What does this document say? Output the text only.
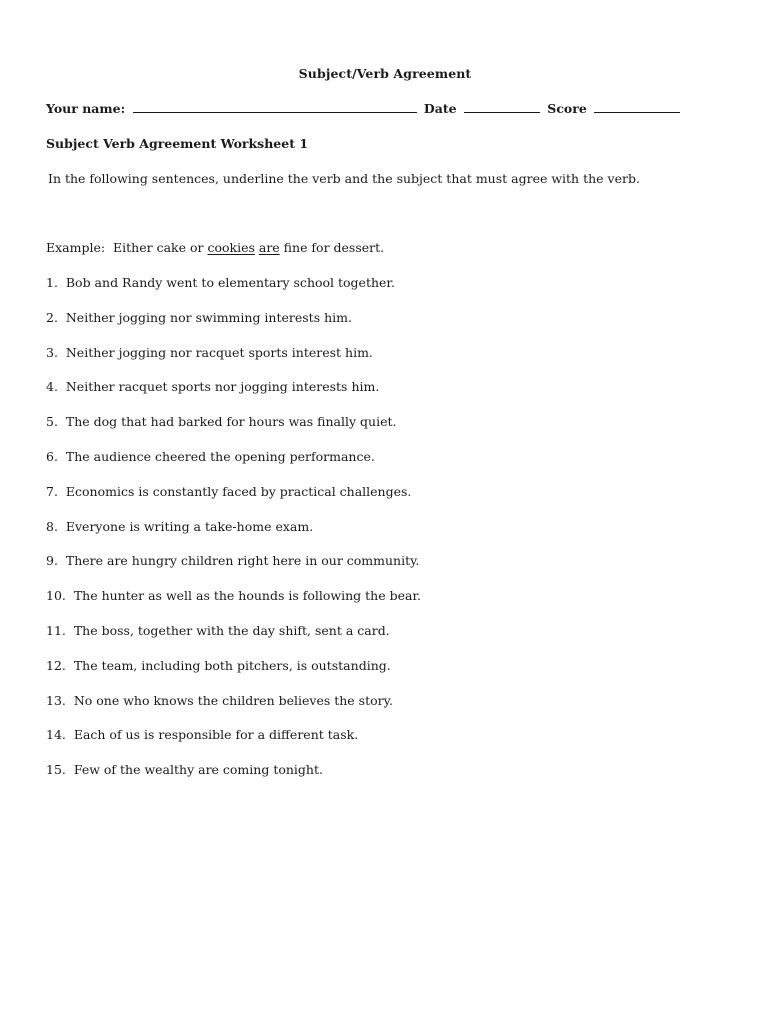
Subject/Verb Agreement
Your name:	Date	Score
Subject Verb Agreement Worksheet 1
In the following sentences, underline the verb and the subject that must agree with the verb.
Example:  Either cake or cookies are fine for dessert.
1.  Bob and Randy went to elementary school together.
2.  Neither jogging nor swimming interests him.
3.  Neither jogging nor racquet sports interest him.
4.  Neither racquet sports nor jogging interests him.
5.  The dog that had barked for hours was finally quiet.
6.  The audience cheered the opening performance.
7.  Economics is constantly faced by practical challenges.
8.  Everyone is writing a take-home exam.
9.  There are hungry children right here in our community.
10.  The hunter as well as the hounds is following the bear.
11.  The boss, together with the day shift, sent a card.
12.  The team, including both pitchers, is outstanding.
13.  No one who knows the children believes the story.
14.  Each of us is responsible for a different task.
15.  Few of the wealthy are coming tonight.
